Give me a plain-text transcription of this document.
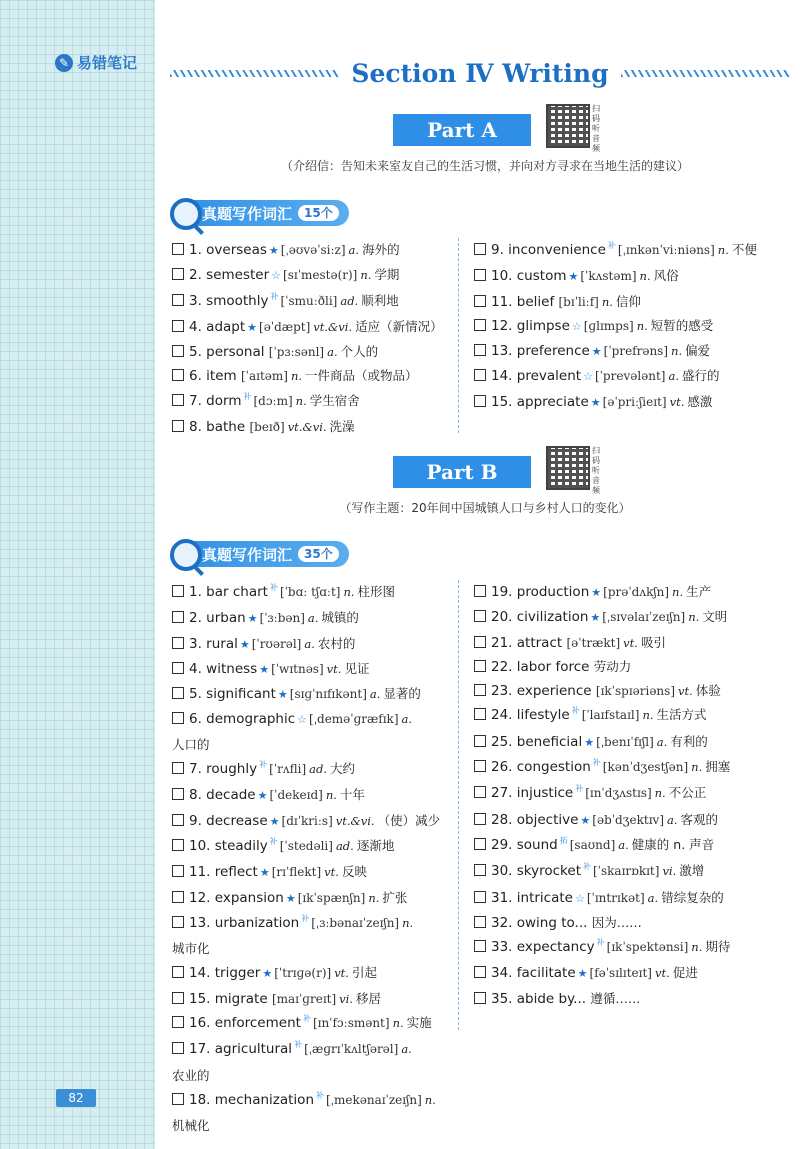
✎ 易错笔记
82
Section Ⅳ Writing
Part A
扫码听音频
（介绍信：告知未来室友自己的生活习惯，并向对方寻求在当地生活的建议）
真题写作词汇	15个
1. overseas ★ [ˌəʊvəˈsiːz] a. 海外的
2. semester ☆ [sɪˈmestə(r)] n. 学期
3. smoothly 补 [ˈsmuːðli] ad. 顺利地
4. adapt ★ [əˈdæpt] vt.&vi. 适应（新情况）
5. personal
[ˈpɜːsənl] a. 个人的
6. item
[ˈaɪtəm] n. 一件商品（或物品）
7. dorm 补 [dɔːm] n. 学生宿舍
8. bathe
[beɪð] vt.&vi. 洗澡
9. inconvenience 补 [ˌɪnkənˈviːniəns] n. 不便
10. custom ★ [ˈkʌstəm] n. 风俗
11. belief
[bɪˈliːf] n. 信仰
12. glimpse ☆ [ɡlɪmps] n. 短暂的感受
13. preference ★ [ˈprefrəns] n. 偏爱
14. prevalent ☆ [ˈprevələnt] a. 盛行的
15. appreciate ★ [əˈpriːʃieɪt] vt. 感激
Part B
扫码听音频
（写作主题：20年间中国城镇人口与乡村人口的变化）
真题写作词汇	35个
1. bar chart 补 [ˈbɑː tʃɑːt] n. 柱形图
2. urban ★ [ˈɜːbən] a. 城镇的
3. rural ★ [ˈrʊərəl] a. 农村的
4. witness ★ [ˈwɪtnəs] vt. 见证
5. significant ★ [sɪɡˈnɪfɪkənt] a. 显著的
6. demographic ☆ [ˌdeməˈɡræfɪk] a.
人口的
7. roughly 补 [ˈrʌfli] ad. 大约
8. decade ★ [ˈdekeɪd] n. 十年
9. decrease ★ [dɪˈkriːs] vt.&vi. （使）减少
10. steadily 补 [ˈstedəli] ad. 逐渐地
11. reflect ★ [rɪˈflekt] vt. 反映
12. expansion ★ [ɪkˈspænʃn] n. 扩张
13. urbanization 补 [ˌɜːbənaɪˈzeɪʃn] n.
城市化
14. trigger ★ [ˈtrɪɡə(r)] vt. 引起
15. migrate
[maɪˈɡreɪt] vi. 移居
16. enforcement 补 [ɪnˈfɔːsmənt] n. 实施
17. agricultural 补 [ˌæɡrɪˈkʌltʃərəl] a.
农业的
18. mechanization 补 [ˌmekənaɪˈzeɪʃn] n.
机械化
19. production ★ [prəˈdʌkʃn] n. 生产
20. civilization ★ [ˌsɪvəlaɪˈzeɪʃn] n. 文明
21. attract
[əˈtrækt] vt. 吸引
22. labor force
劳动力
23. experience
[ɪkˈspɪəriəns] vt. 体验
24. lifestyle 补 [ˈlaɪfstaɪl] n. 生活方式
25. beneficial ★ [ˌbenɪˈfɪʃl] a. 有利的
26. congestion 补 [kənˈdʒestʃən] n. 拥塞
27. injustice 补 [ɪnˈdʒʌstɪs] n. 不公正
28. objective ★ [əbˈdʒektɪv] a. 客观的
29. sound 拓 [saʊnd] a. 健康的 n. 声音
30. skyrocket 补 [ˈskaɪrɒkɪt] vi. 激增
31. intricate ☆ [ˈɪntrɪkət] a. 错综复杂的
32. owing to...
因为……
33. expectancy 补 [ɪkˈspektənsi] n. 期待
34. facilitate ★ [fəˈsɪlɪteɪt] vt. 促进
35. abide by...
遵循……
